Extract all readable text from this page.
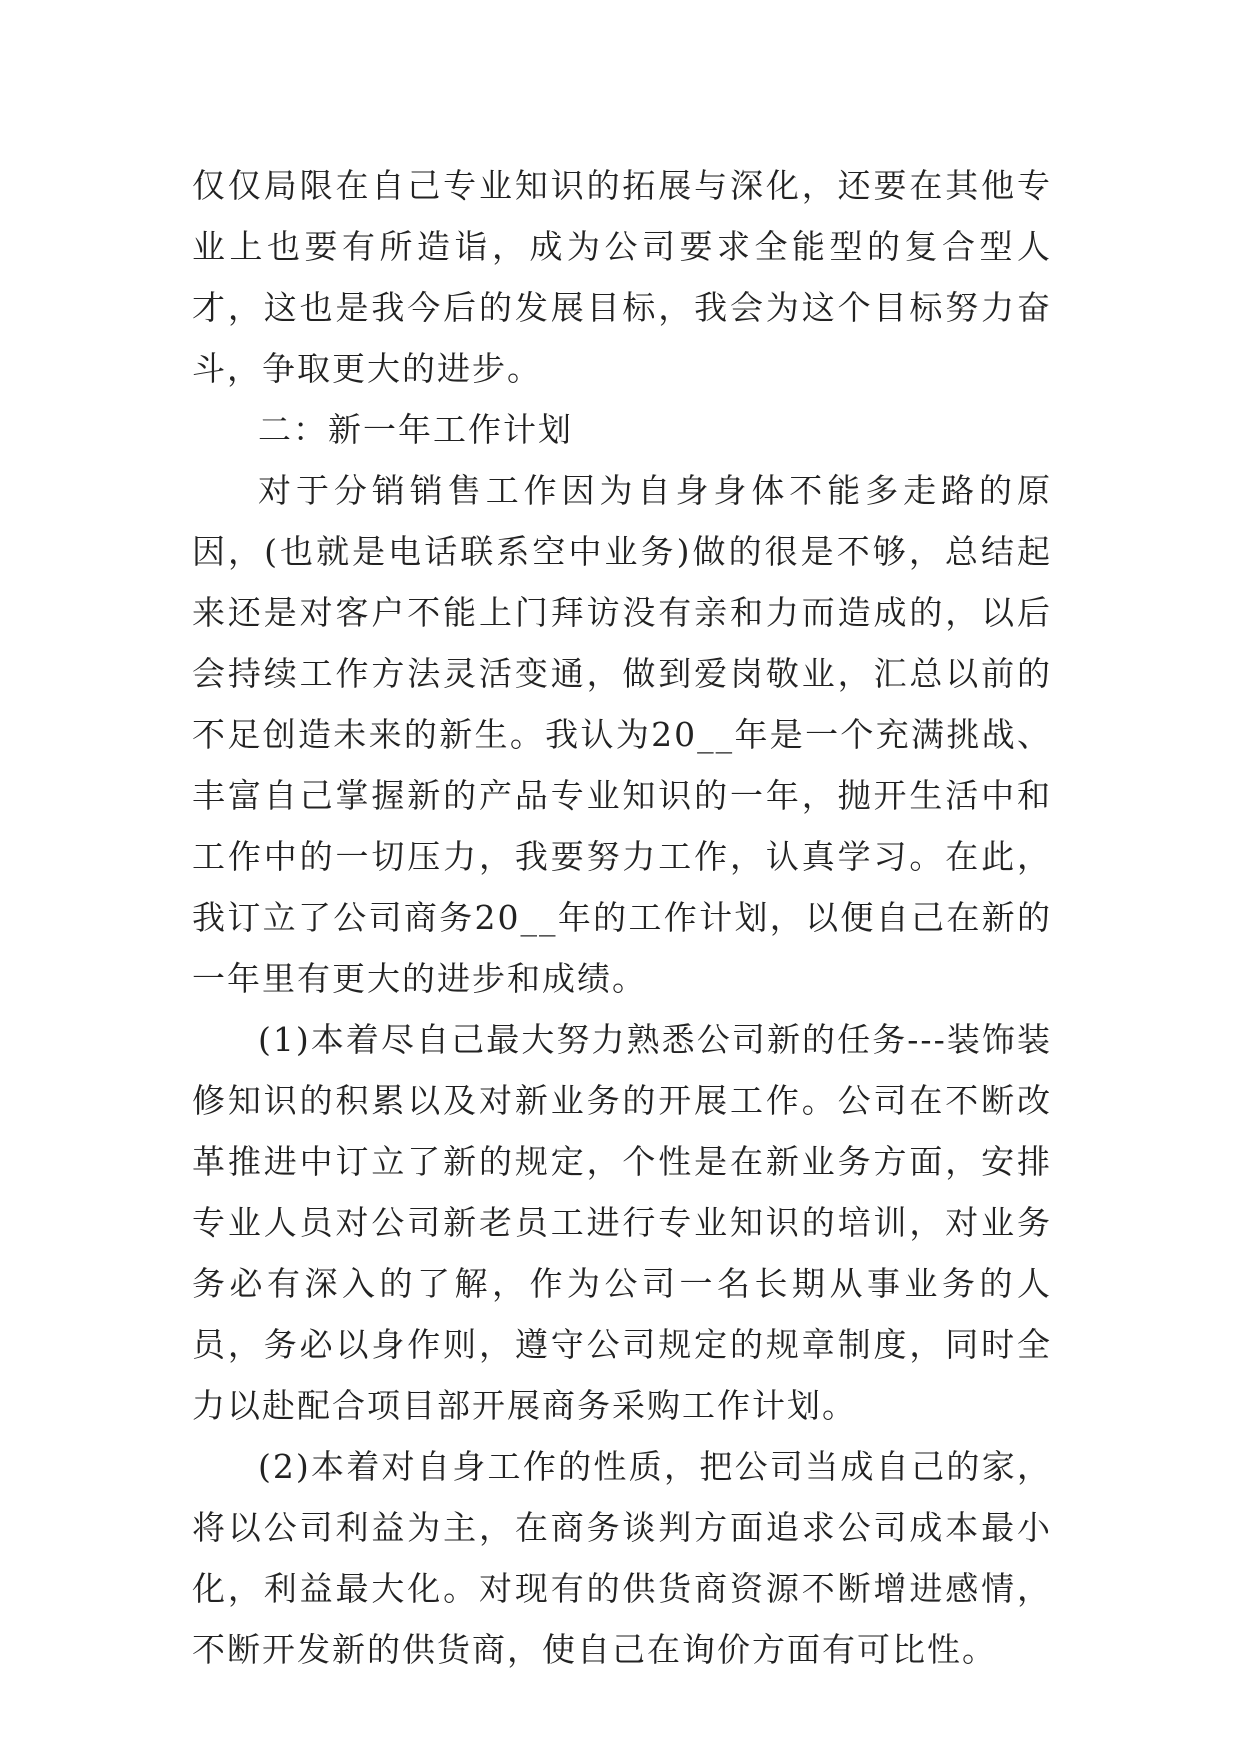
仅仅局限在自己专业知识的拓展与深化，还要在其他专业上也要有所造诣，成为公司要求全能型的复合型人才，这也是我今后的发展目标，我会为这个目标努力奋斗，争取更大的进步。

二：新一年工作计划

对于分销销售工作因为自身身体不能多走路的原因，(也就是电话联系空中业务)做的很是不够，总结起来还是对客户不能上门拜访没有亲和力而造成的，以后会持续工作方法灵活变通，做到爱岗敬业，汇总以前的不足创造未来的新生。我认为20__年是一个充满挑战、丰富自己掌握新的产品专业知识的一年，抛开生活中和工作中的一切压力，我要努力工作，认真学习。在此，我订立了公司商务20__年的工作计划，以便自己在新的一年里有更大的进步和成绩。

(1)本着尽自己最大努力熟悉公司新的任务---装饰装修知识的积累以及对新业务的开展工作。公司在不断改革推进中订立了新的规定，个性是在新业务方面，安排专业人员对公司新老员工进行专业知识的培训，对业务务必有深入的了解，作为公司一名长期从事业务的人员，务必以身作则，遵守公司规定的规章制度，同时全力以赴配合项目部开展商务采购工作计划。

(2)本着对自身工作的性质，把公司当成自己的家，将以公司利益为主，在商务谈判方面追求公司成本最小化，利益最大化。对现有的供货商资源不断增进感情，不断开发新的供货商，使自己在询价方面有可比性。
